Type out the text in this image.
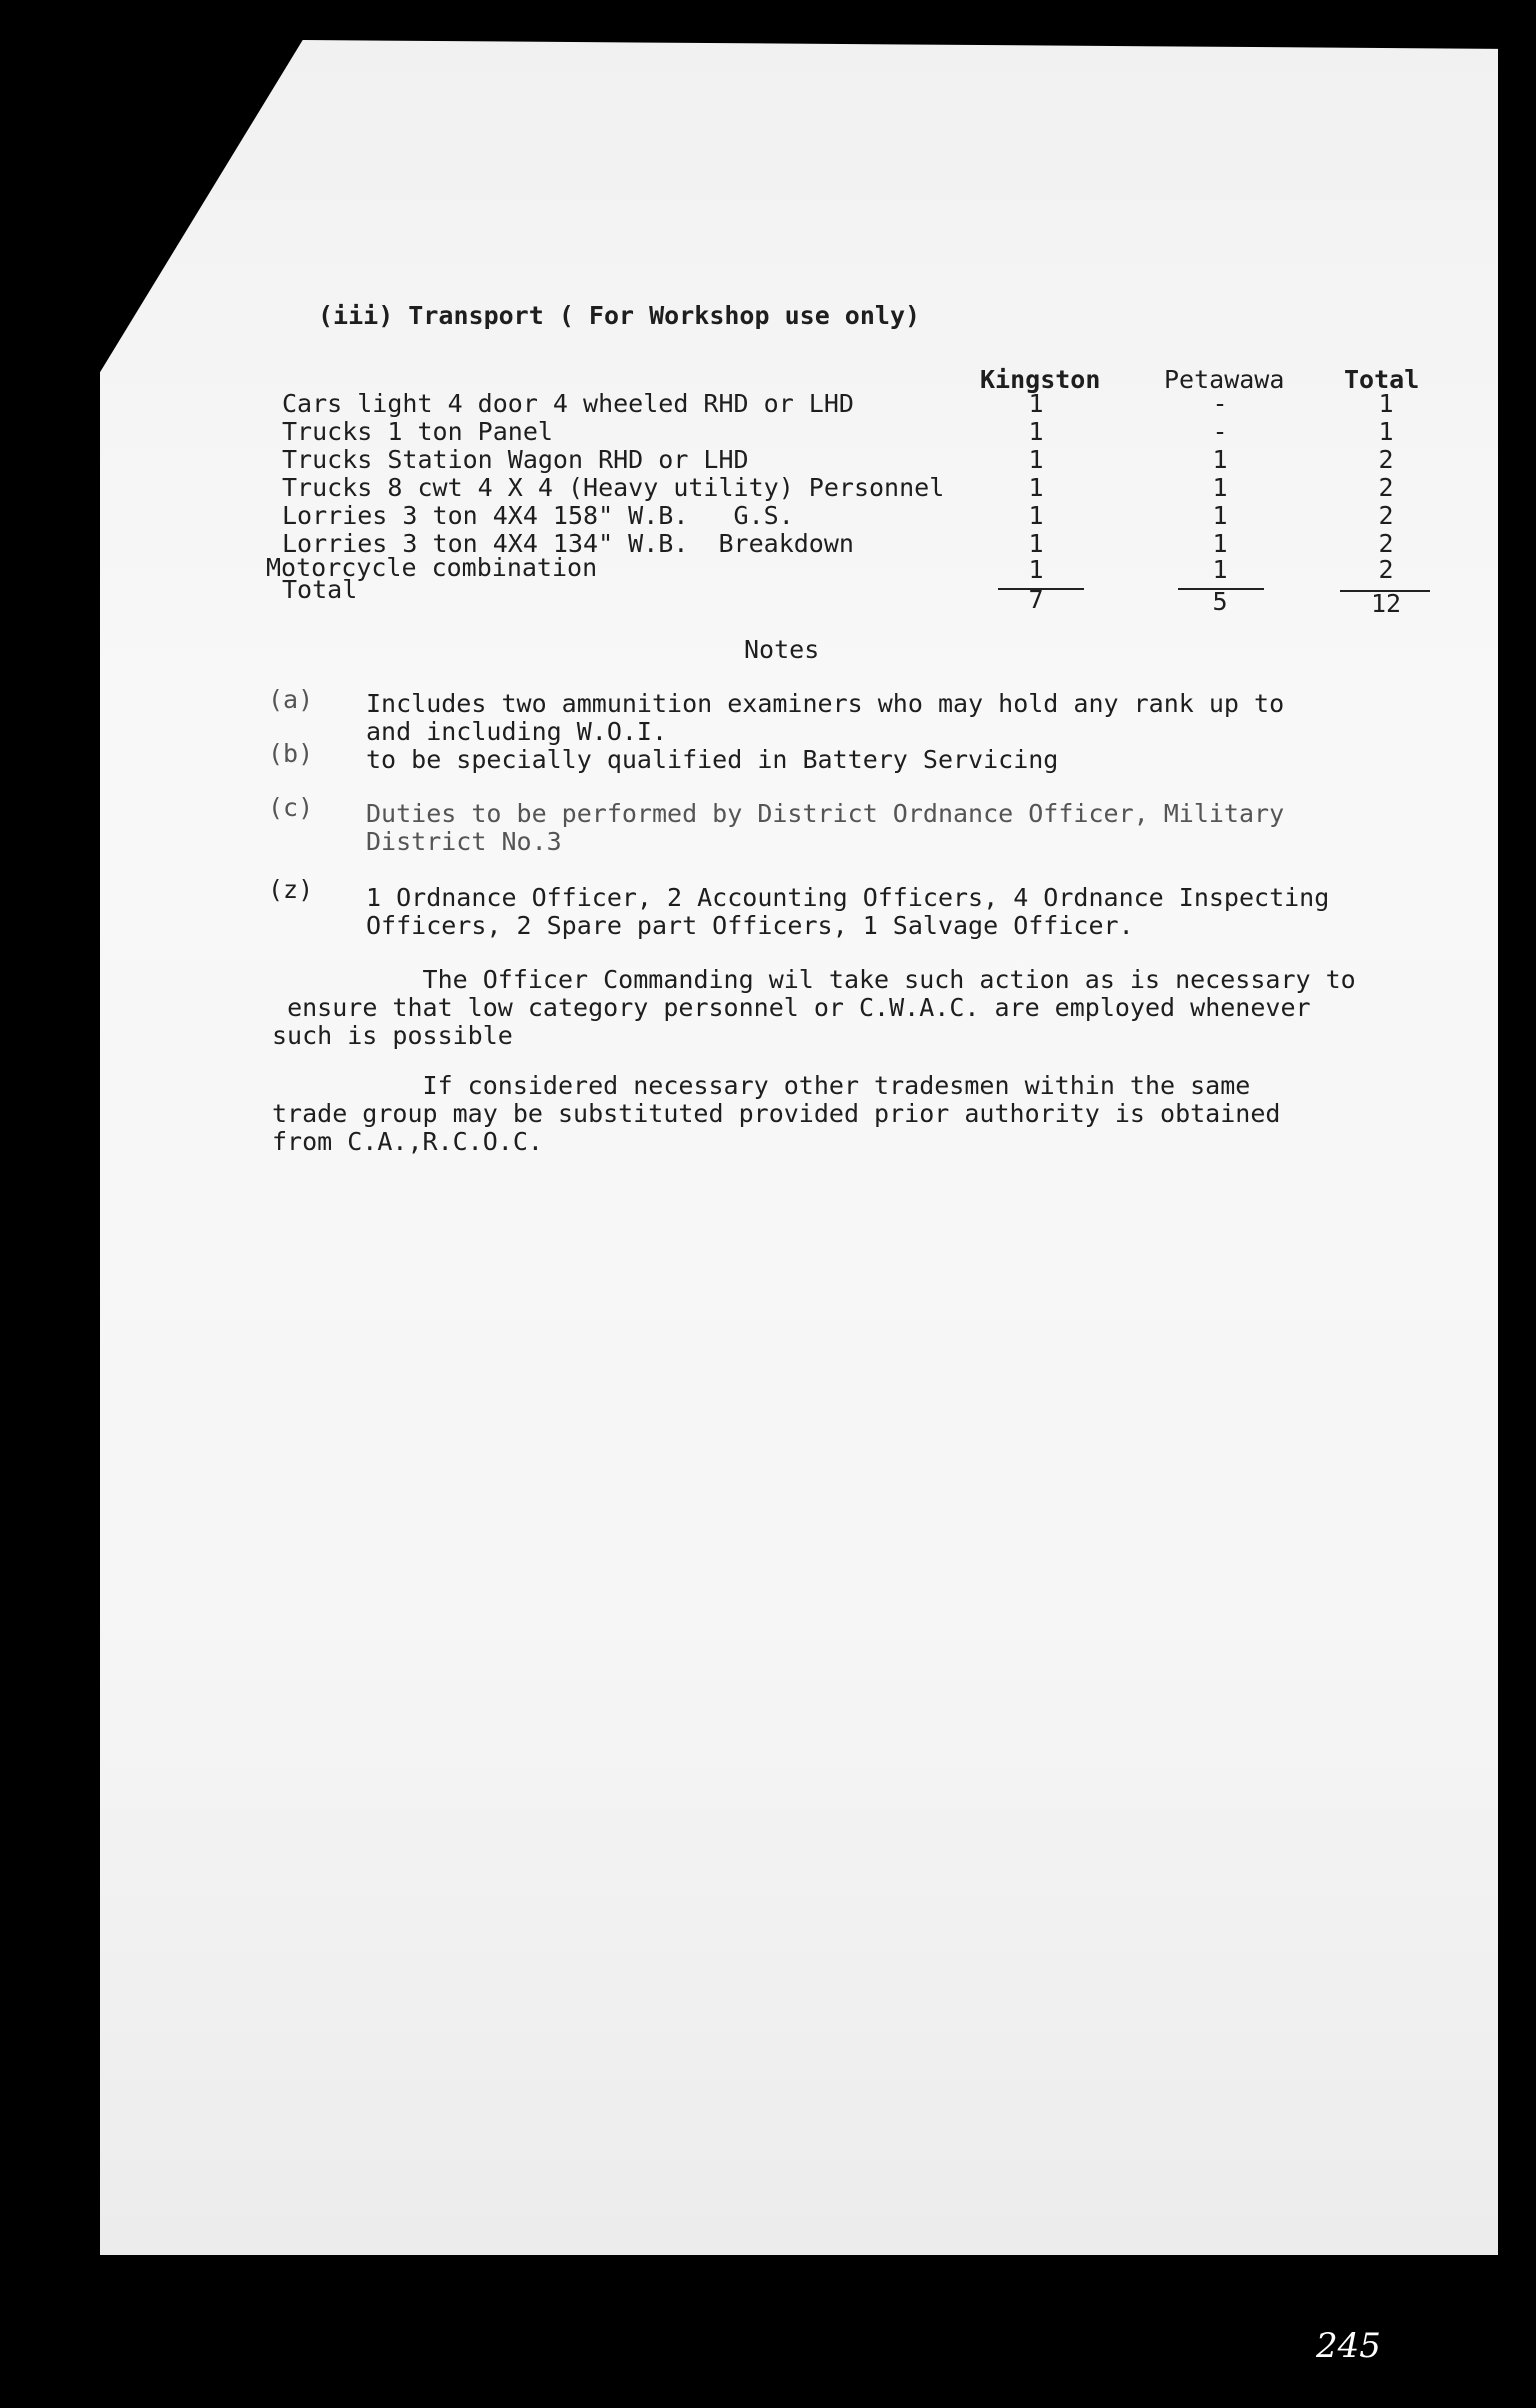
(iii) Transport ( For Workshop use only)
Kingston	Petawawa Total
Cars light 4 door 4 wheeled RHD or LHD	1	-	1
Trucks 1 ton Panel	1	-	1
Trucks Station Wagon RHD or LHD	1	1	2
Trucks 8 cwt 4 X 4 (Heavy utility) Personnel	1	1	2
Lorries 3 ton 4X4 158" W.B.   G.S.	1	1	2
Lorries 3 ton 4X4 134" W.B.  Breakdown	1	1	2
Motorcycle combination	1	1	2
Total	7	5	12
Notes
(a) Includes two ammunition examiners who may hold any rank up to
and including W.O.I.
(b) to be specially qualified in Battery Servicing
(c) Duties to be performed by District Ordnance Officer, Military
District No.3
(z) 1 Ordnance Officer, 2 Accounting Officers, 4 Ordnance Inspecting
Officers, 2 Spare part Officers, 1 Salvage Officer.
The Officer Commanding wil take such action as is necessary to
ensure that low category personnel or C.W.A.C. are employed whenever
such is possible
If considered necessary other tradesmen within the same
trade group may be substituted provided prior authority is obtained
from C.A.,R.C.O.C.
245
